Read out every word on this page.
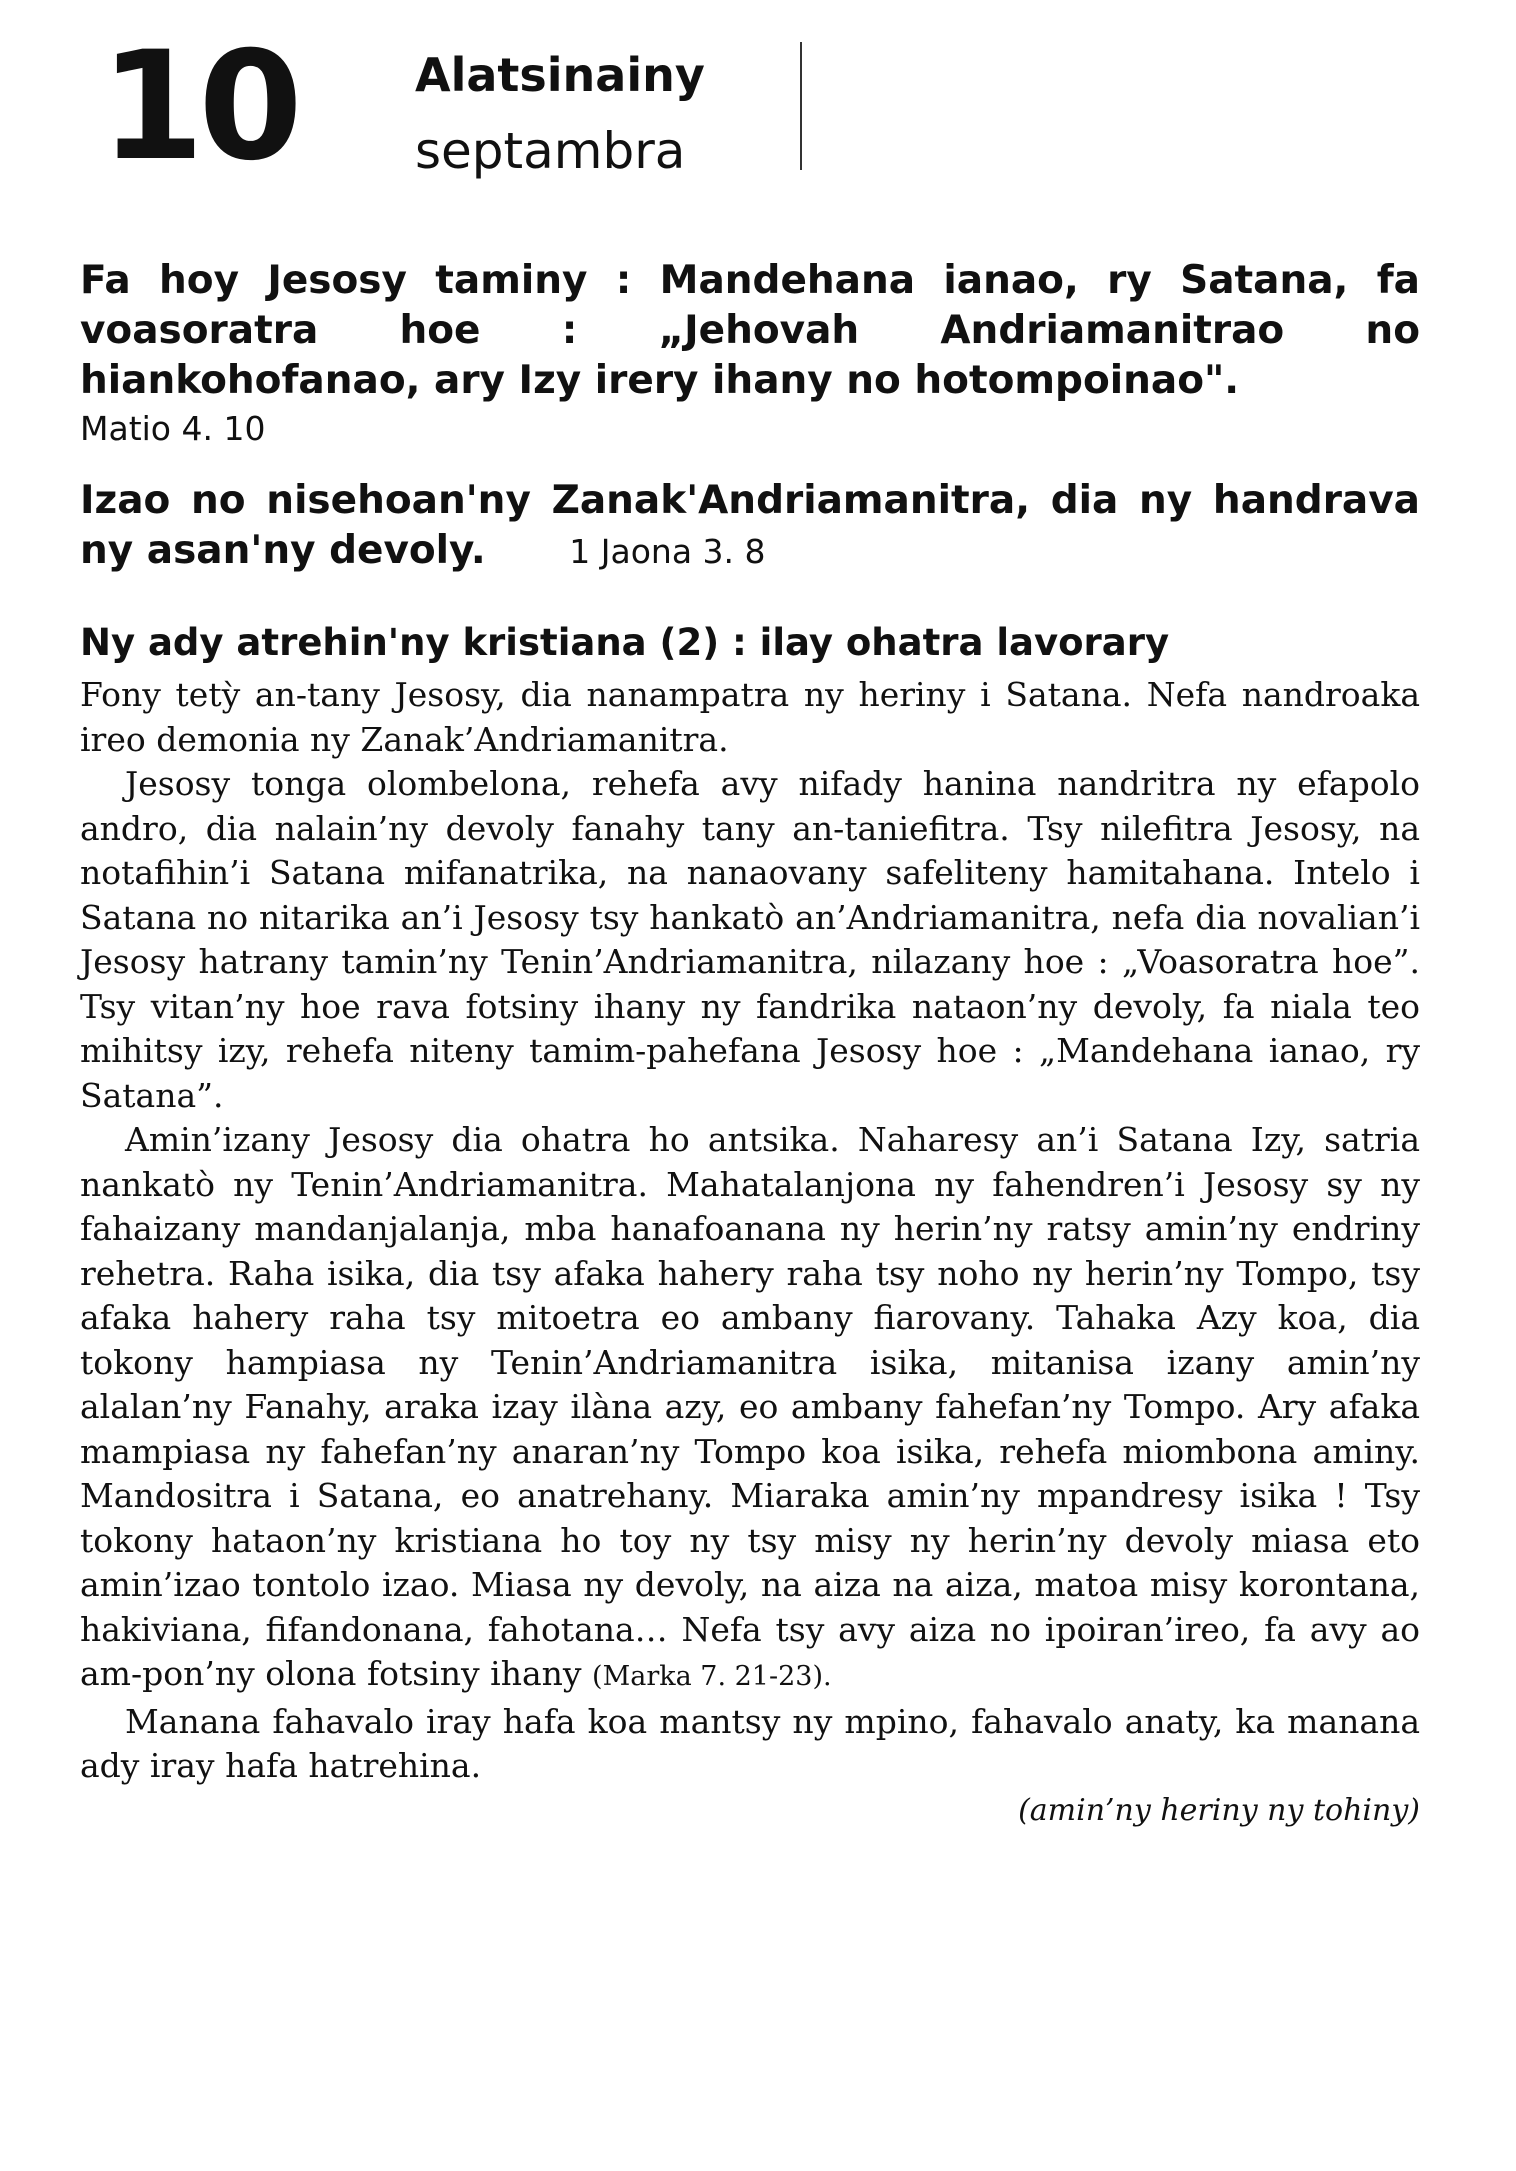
10	Alatsinainy
septambra
Fa hoy Jesosy taminy : Mandehana ianao, ry Satana, fa voasoratra hoe : „Jehovah Andriamanitrao no hiankohofanao, ary Izy irery ihany no hotompoinao".
Matio 4. 10
Izao no nisehoan'ny Zanak'Andriamanitra, dia ny handrava ny asan'ny devoly.	1 Jaona 3. 8
Ny ady atrehin'ny kristiana (2) : ilay ohatra lavorary

Fony tetỳ an-tany Jesosy, dia nanampatra ny heriny i Satana. Nefa nandroaka ireo demonia ny Zanak’Andriamanitra.

Jesosy tonga olombelona, rehefa avy nifady hanina nandritra ny efapolo andro, dia nalain’ny devoly fanahy tany an-taniefitra. Tsy nilefitra Jesosy, na notafihin’i Satana mifanatrika, na nanaovany safeliteny hamitahana. Intelo i Satana no nitarika an’i Jesosy tsy hankatò an’Andriamanitra, nefa dia novalian’i Jesosy hatrany tamin’ny Tenin’Andriamanitra, nilazany hoe : „Voasoratra hoe”. Tsy vitan’ny hoe rava fotsiny ihany ny fandrika nataon’ny devoly, fa niala teo mihitsy izy, rehefa niteny tamim-pahefana Jesosy hoe : „Mandehana ianao, ry Satana”.

Amin’izany Jesosy dia ohatra ho antsika. Naharesy an’i Satana Izy, satria nankatò ny Tenin’Andriamanitra. Mahatalanjona ny fahendren’i Jesosy sy ny fahaizany mandanjalanja, mba hanafoanana ny herin’ny ratsy amin’ny endriny rehetra. Raha isika, dia tsy afaka hahery raha tsy noho ny herin’ny Tompo, tsy afaka hahery raha tsy mitoetra eo ambany fiarovany. Tahaka Azy koa, dia tokony hampiasa ny Tenin’Andriamanitra isika, mitanisa izany amin’ny alalan’ny Fanahy, araka izay ilàna azy, eo ambany fahefan’ny Tompo. Ary afaka mampiasa ny fahefan’ny anaran’ny Tompo koa isika, rehefa miombona aminy. Mandositra i Satana, eo anatrehany. Miaraka amin’ny mpandresy isika ! Tsy tokony hataon’ny kristiana ho toy ny tsy misy ny herin’ny devoly miasa eto amin’izao tontolo izao. Miasa ny devoly, na aiza na aiza, matoa misy korontana, hakiviana, fifandonana, fahotana… Nefa tsy avy aiza no ipoiran’ireo, fa avy ao am-pon’ny olona fotsiny ihany (Marka 7. 21-23).

Manana fahavalo iray hafa koa mantsy ny mpino, fahavalo anaty, ka manana ady iray hafa hatrehina.

(amin’ny heriny ny tohiny)
